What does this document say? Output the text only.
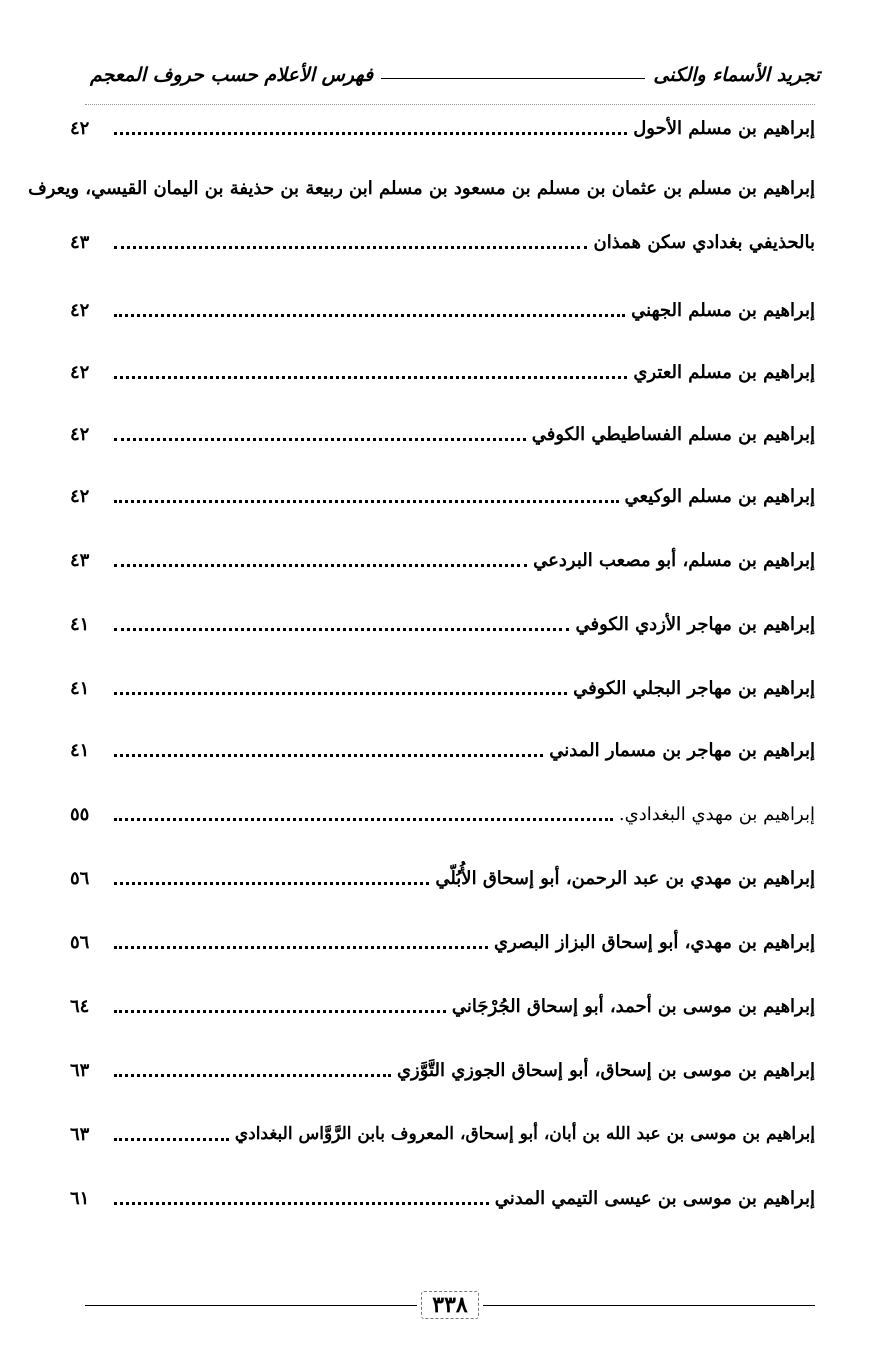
تجريد الأسماء والكنى
فهرس الأعلام حسب حروف المعجم
إبراهيم بن مسلم الأحول
٤٢
إبراهيم بن مسلم بن عثمان بن مسلم بن مسعود بن مسلم ابن ربيعة بن حذيفة بن اليمان القيسي، ويعرف
بالحذيفي بغدادي سكن همذان
٤٣
إبراهيم بن مسلم الجهني
٤٢
إبراهيم بن مسلم العتري
٤٢
إبراهيم بن مسلم الفساطيطي الكوفي
٤٢
إبراهيم بن مسلم الوكيعي
٤٢
إبراهيم بن مسلم، أبو مصعب البردعي
٤٣
إبراهيم بن مهاجر الأزدي الكوفي
٤١
إبراهيم بن مهاجر البجلي الكوفي
٤١
إبراهيم بن مهاجر بن مسمار المدني
٤١
إبراهيم بن مهدي البغدادي.
٥٥
إبراهيم بن مهدي بن عبد الرحمن، أبو إسحاق الأُبُلّي
٥٦
إبراهيم بن مهدي، أبو إسحاق البزاز البصري
٥٦
إبراهيم بن موسى بن أحمد، أبو إسحاق الجُرْجَاني
٦٤
إبراهيم بن موسى بن إسحاق، أبو إسحاق الجوزي التَّوَّزي
٦٣
إبراهيم بن موسى بن عبد الله بن أبان، أبو إسحاق، المعروف بابن الرَّوَّاس البغدادي
٦٣
إبراهيم بن موسى بن عيسى التيمي المدني
٦١
٣٣٨
